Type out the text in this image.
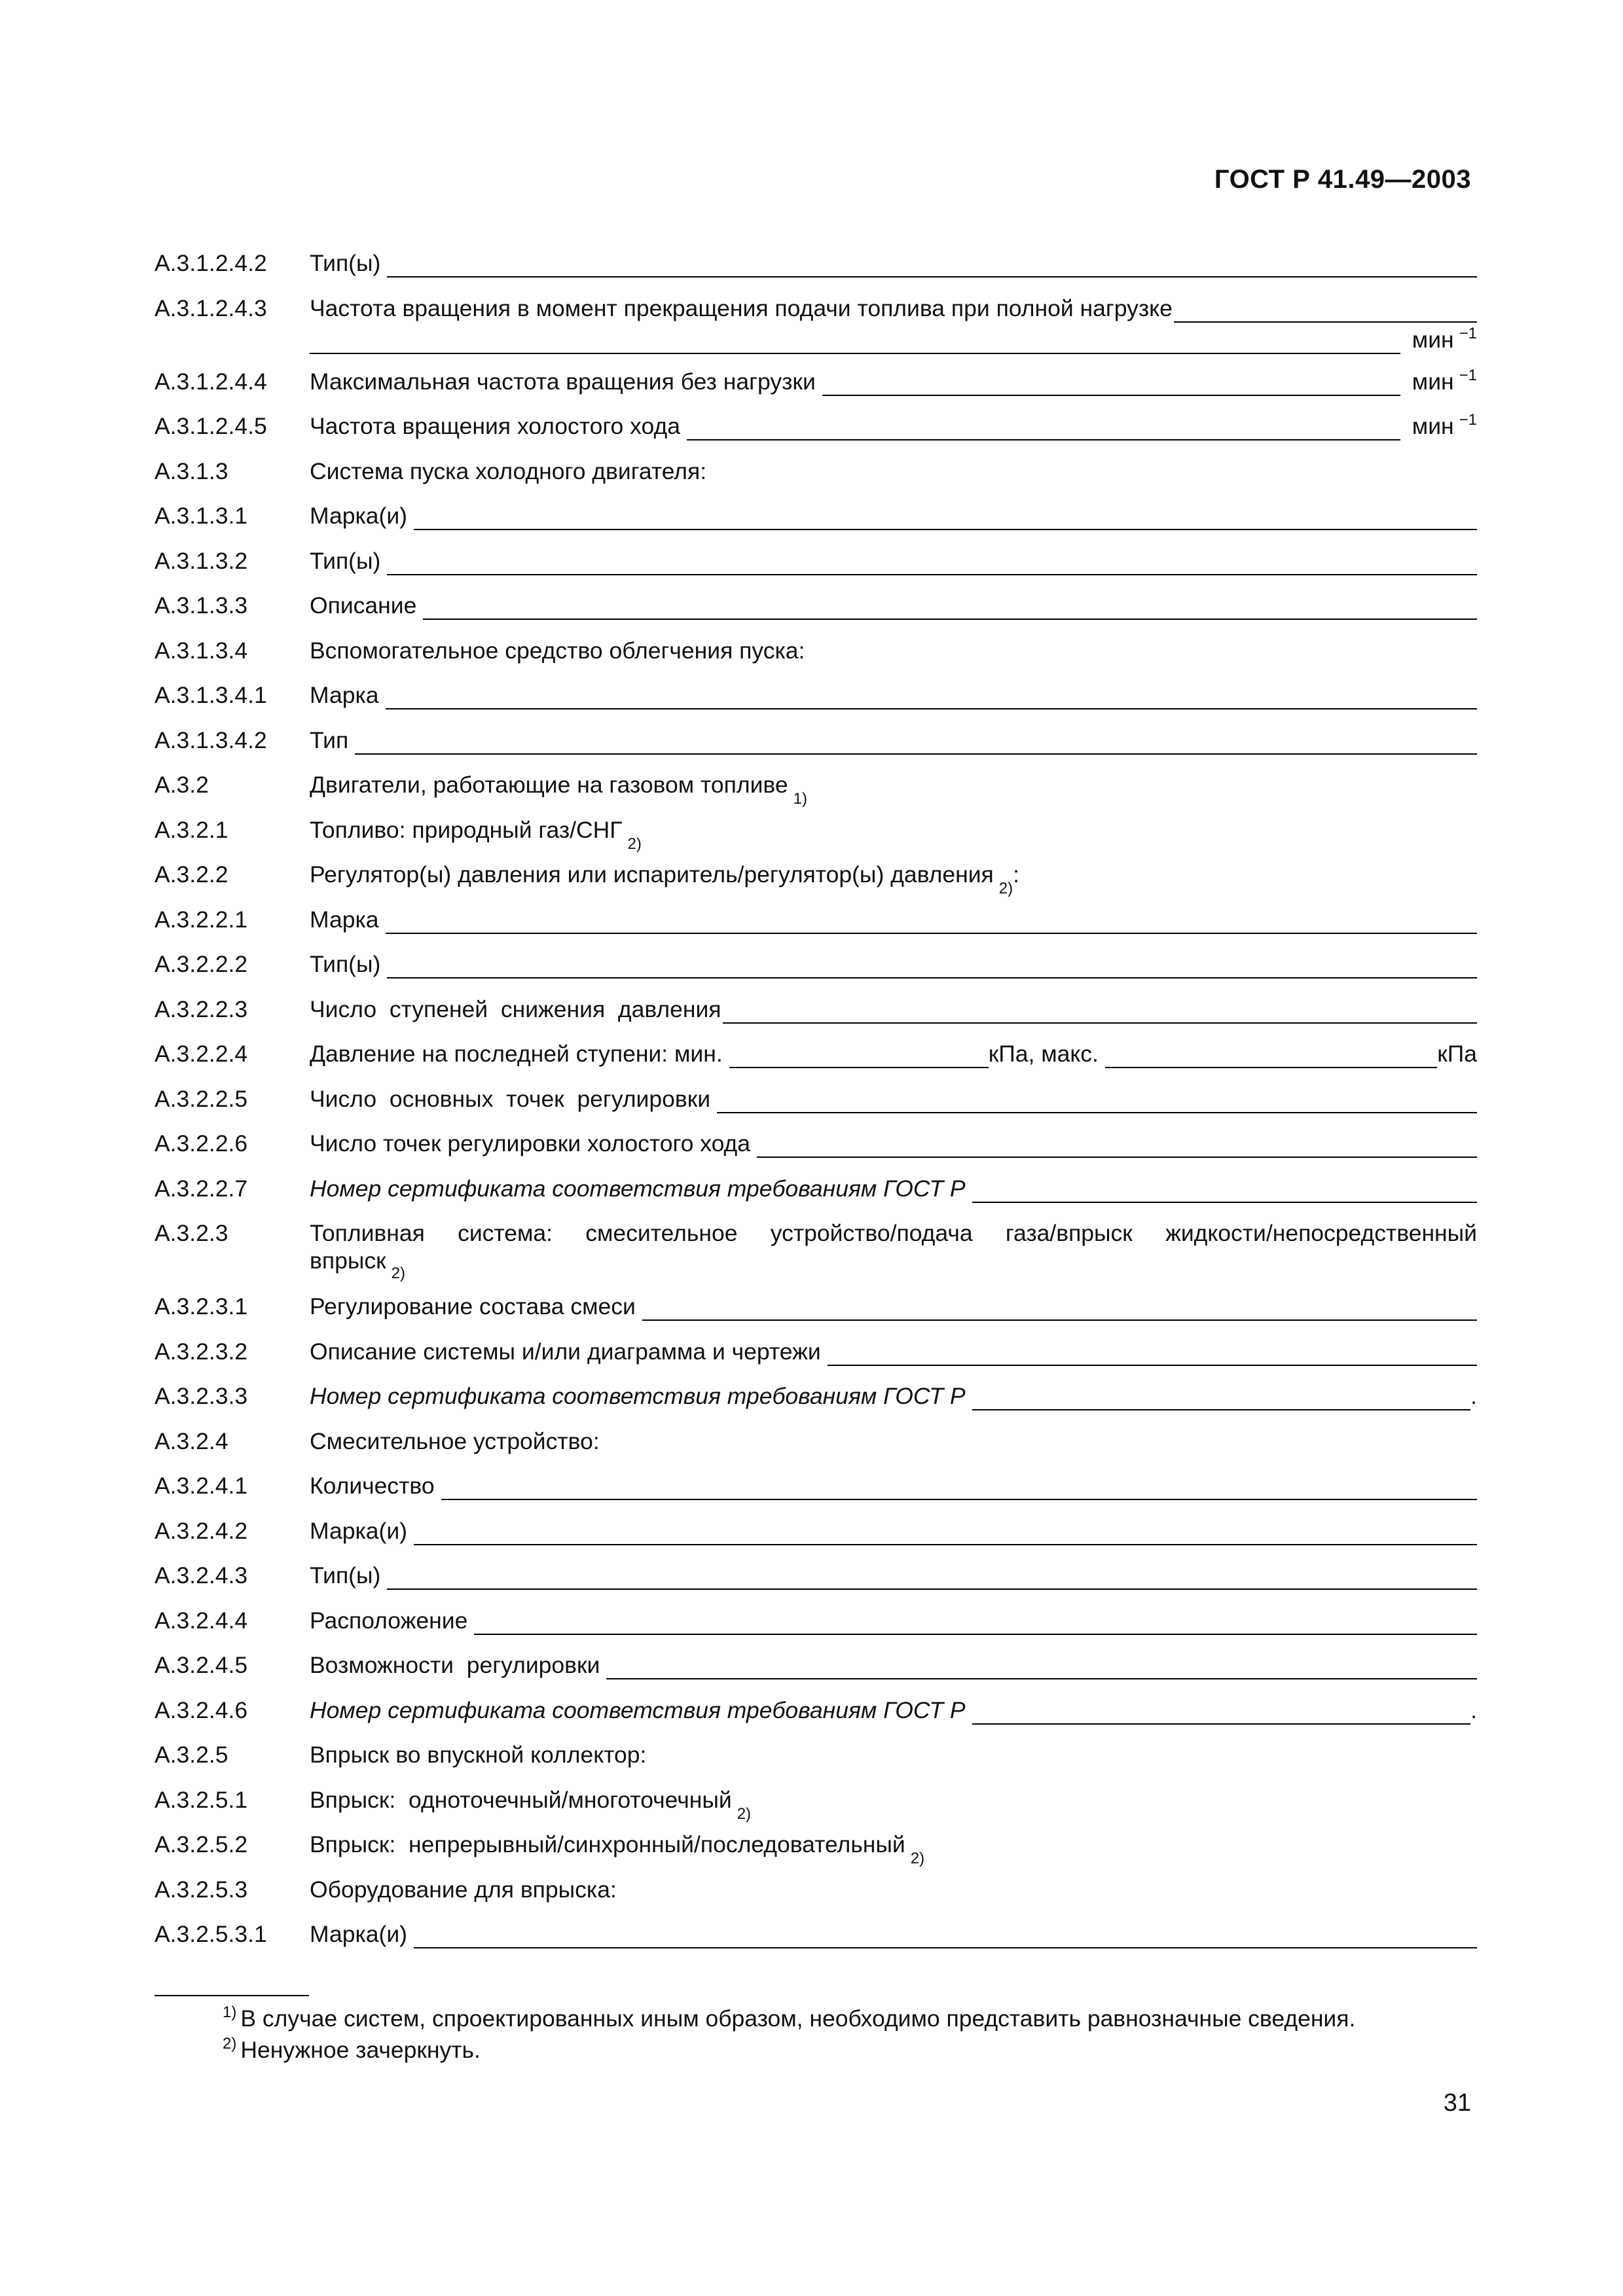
ГОСТ Р 41.49—2003
А.3.1.2.4.2	Тип(ы)
А.3.1.2.4.3	Частота вращения в момент прекращения подачи топлива при полной нагрузке
мин $^{-1}$
А.3.1.2.4.4	Максимальная частота вращения без нагрузки	мин $^{-1}$
А.3.1.2.4.5	Частота вращения холостого хода	мин $^{-1}$
А.3.1.3	Система пуска холодного двигателя:
А.3.1.3.1	Марка(и)
А.3.1.3.2	Тип(ы)
А.3.1.3.3	Описание
А.3.1.3.4	Вспомогательное средство облегчения пуска:
А.3.1.3.4.1	Марка
А.3.1.3.4.2	Тип
А.3.2	Двигатели, работающие на газовом топливе
1)
А.3.2.1	Топливо: природный газ/СНГ
2)
А.3.2.2	Регулятор(ы) давления или испаритель/регулятор(ы) давления
2)
:
А.3.2.2.1	Марка
А.3.2.2.2	Тип(ы)
А.3.2.2.3	Число  ступеней  снижения  давления
А.3.2.2.4	Давление на последней ступени: мин.	кПа, макс.	кПа
А.3.2.2.5	Число  основных  точек  регулировки
А.3.2.2.6	Число точек регулировки холостого хода
А.3.2.2.7	Номер сертификата соответствия требованиям ГОСТ Р
А.3.2.3	Топливная система: смесительное устройство/подача газа/впрыск жидкости/непосредственный
впрыск 2)
А.3.2.3.1	Регулирование состава смеси
А.3.2.3.2	Описание системы и/или диаграмма и чертежи
А.3.2.3.3	Номер сертификата соответствия требованиям ГОСТ Р	.
А.3.2.4	Смесительное устройство:
А.3.2.4.1	Количество
А.3.2.4.2	Марка(и)
А.3.2.4.3	Тип(ы)
А.3.2.4.4	Расположение
А.3.2.4.5	Возможности  регулировки
А.3.2.4.6	Номер сертификата соответствия требованиям ГОСТ Р	.
А.3.2.5	Впрыск во впускной коллектор:
А.3.2.5.1	Впрыск:  одноточечный/многоточечный
2)
А.3.2.5.2	Впрыск:  непрерывный/синхронный/последовательный
2)
А.3.2.5.3	Оборудование для впрыска:
А.3.2.5.3.1	Марка(и)
$^{1)}$ В случае систем, спроектированных иным образом, необходимо представить равнозначные сведения.
$^{2)}$ Ненужное зачеркнуть.
31
